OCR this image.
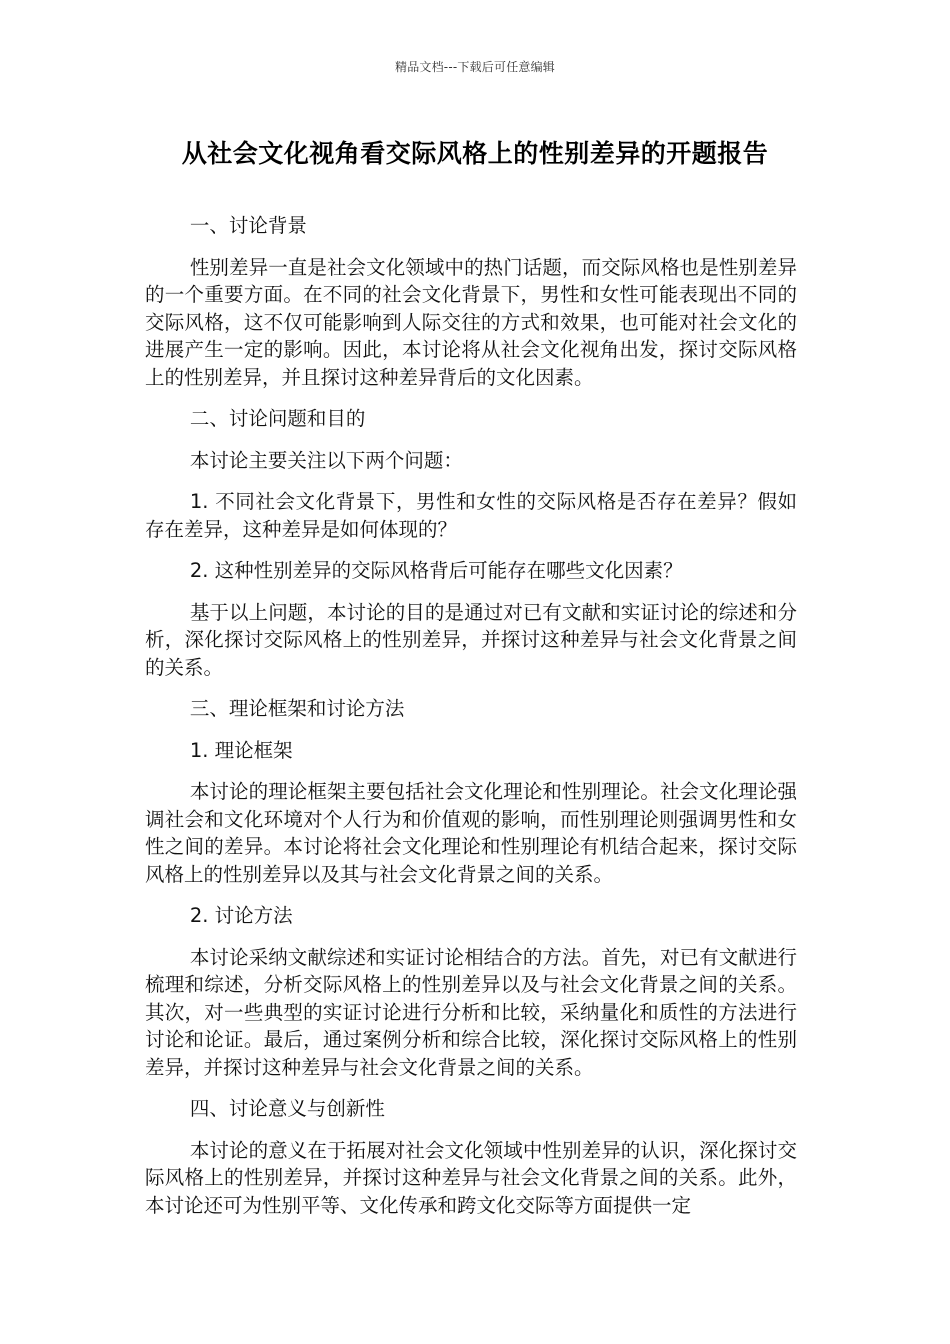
精品文档---下载后可任意编辑
从社会文化视角看交际风格上的性别差异的开题报告

一、讨论背景

性别差异一直是社会文化领域中的热门话题，而交际风格也是性别差异的一个重要方面。在不同的社会文化背景下，男性和女性可能表现出不同的交际风格，这不仅可能影响到人际交往的方式和效果，也可能对社会文化的进展产生一定的影响。因此，本讨论将从社会文化视角出发，探讨交际风格上的性别差异，并且探讨这种差异背后的文化因素。

二、讨论问题和目的

本讨论主要关注以下两个问题：

1. 不同社会文化背景下，男性和女性的交际风格是否存在差异？假如存在差异，这种差异是如何体现的？

2. 这种性别差异的交际风格背后可能存在哪些文化因素？

基于以上问题，本讨论的目的是通过对已有文献和实证讨论的综述和分析，深化探讨交际风格上的性别差异，并探讨这种差异与社会文化背景之间的关系。

三、理论框架和讨论方法

1. 理论框架

本讨论的理论框架主要包括社会文化理论和性别理论。社会文化理论强调社会和文化环境对个人行为和价值观的影响，而性别理论则强调男性和女性之间的差异。本讨论将社会文化理论和性别理论有机结合起来，探讨交际风格上的性别差异以及其与社会文化背景之间的关系。

2. 讨论方法

本讨论采纳文献综述和实证讨论相结合的方法。首先，对已有文献进行梳理和综述，分析交际风格上的性别差异以及与社会文化背景之间的关系。其次，对一些典型的实证讨论进行分析和比较，采纳量化和质性的方法进行讨论和论证。最后，通过案例分析和综合比较，深化探讨交际风格上的性别差异，并探讨这种差异与社会文化背景之间的关系。

四、讨论意义与创新性

本讨论的意义在于拓展对社会文化领域中性别差异的认识，深化探讨交际风格上的性别差异，并探讨这种差异与社会文化背景之间的关系。此外，本讨论还可为性别平等、文化传承和跨文化交际等方面提供一定
